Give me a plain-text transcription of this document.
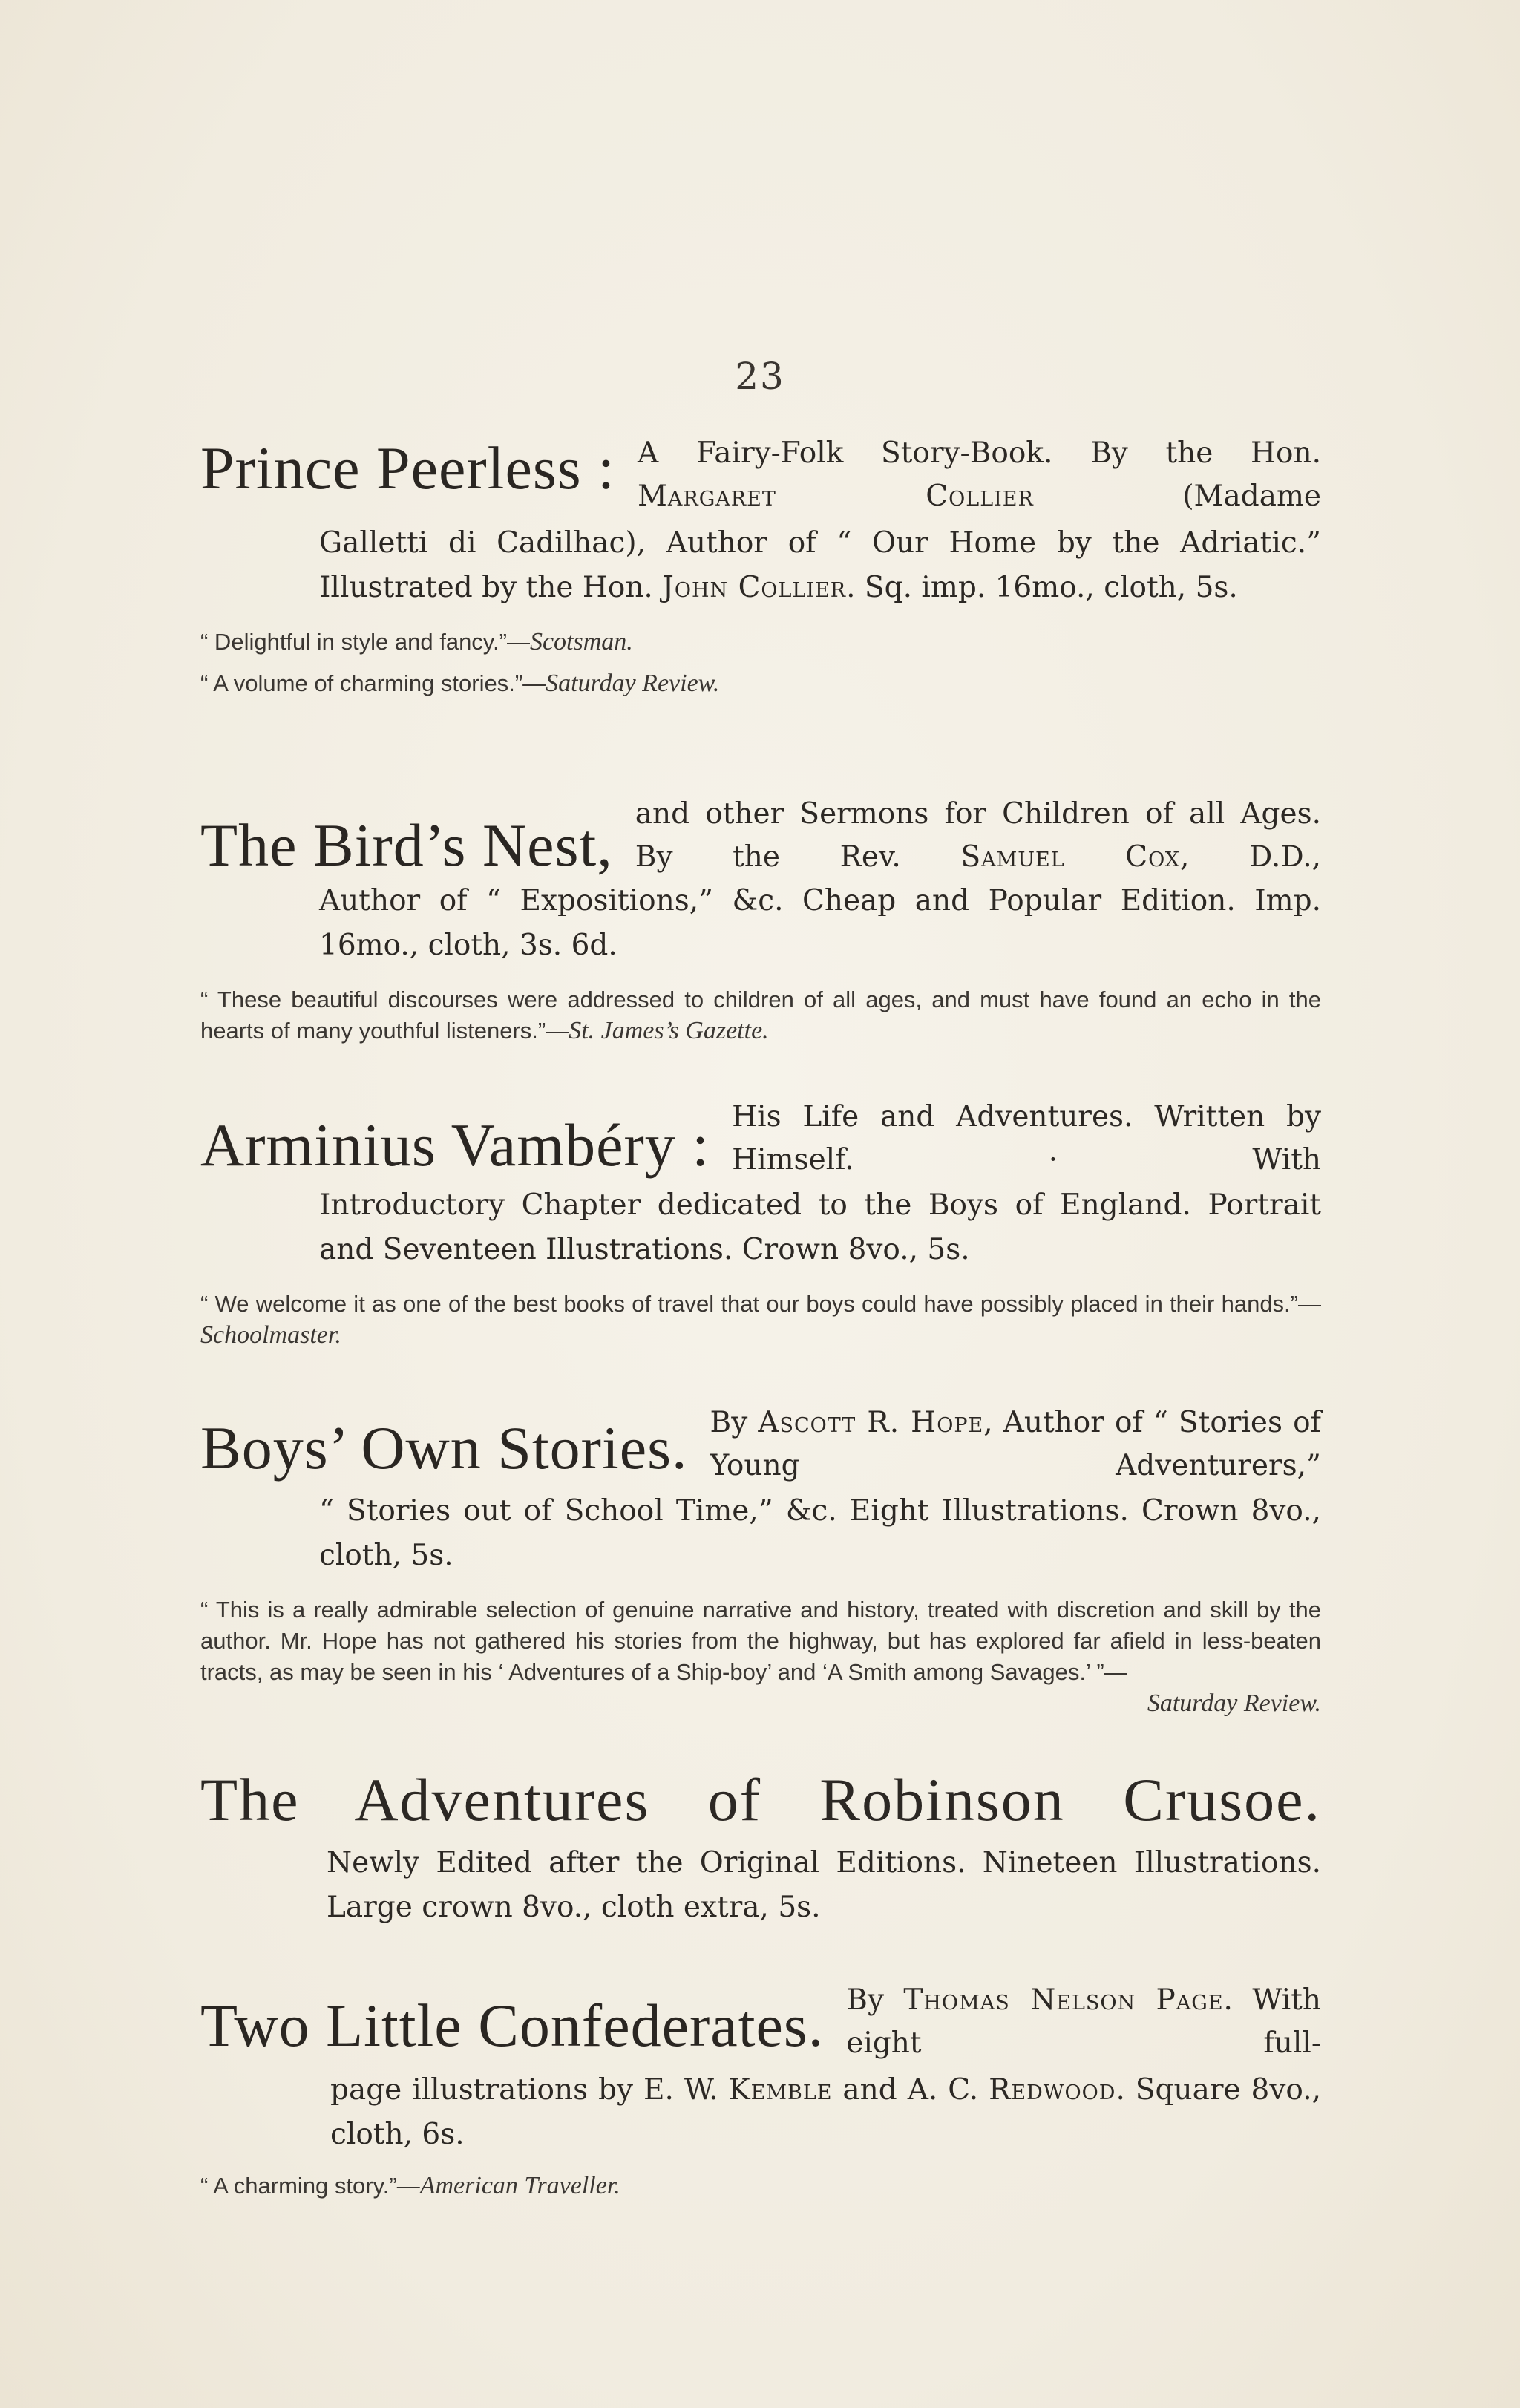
23
Prince Peerless : A Fairy-Folk Story-Book. By the Hon. Margaret Collier (Madame
Galletti di Cadilhac), Author of “ Our Home by the Adriatic.” Illustrated by the Hon. John Collier. Sq. imp. 16mo., cloth, 5s.
“ Delightful in style and fancy.”—Scotsman.
“ A volume of charming stories.”—Saturday Review.
The Bird’s Nest, and other Sermons for Children of all Ages. By the Rev. Samuel Cox, D.D.,
Author of “ Expositions,” &c. Cheap and Popular Edition. Imp. 16mo., cloth, 3s. 6d.
“ These beautiful discourses were addressed to children of all ages, and must have found an echo in the hearts of many youthful listeners.”—St. James’s Gazette.
Arminius Vambéry : His Life and Adventures. Written by Himself. · With
Introductory Chapter dedicated to the Boys of England. Portrait and Seventeen Illustrations. Crown 8vo., 5s.
“ We welcome it as one of the best books of travel that our boys could have possibly placed in their hands.”—Schoolmaster.
Boys’ Own Stories. By Ascott R. Hope, Author of “ Stories of Young Adventurers,”
“ Stories out of School Time,” &c. Eight Illustrations. Crown 8vo., cloth, 5s.
“ This is a really admirable selection of genuine narrative and history, treated with discretion and skill by the author. Mr. Hope has not gathered his stories from the highway, but has explored far afield in less-beaten tracts, as may be seen in his ‘ Adventures of a Ship-boy’ and ‘A Smith among Savages.’ ”—
Saturday Review.
The Adventures of Robinson Crusoe.
Newly Edited after the Original Editions. Nineteen Illustrations. Large crown 8vo., cloth extra, 5s.
Two Little Confederates. By Thomas Nelson Page. With eight full-
page illustrations by E. W. Kemble and A. C. Redwood. Square 8vo., cloth, 6s.
“ A charming story.”—American Traveller.
